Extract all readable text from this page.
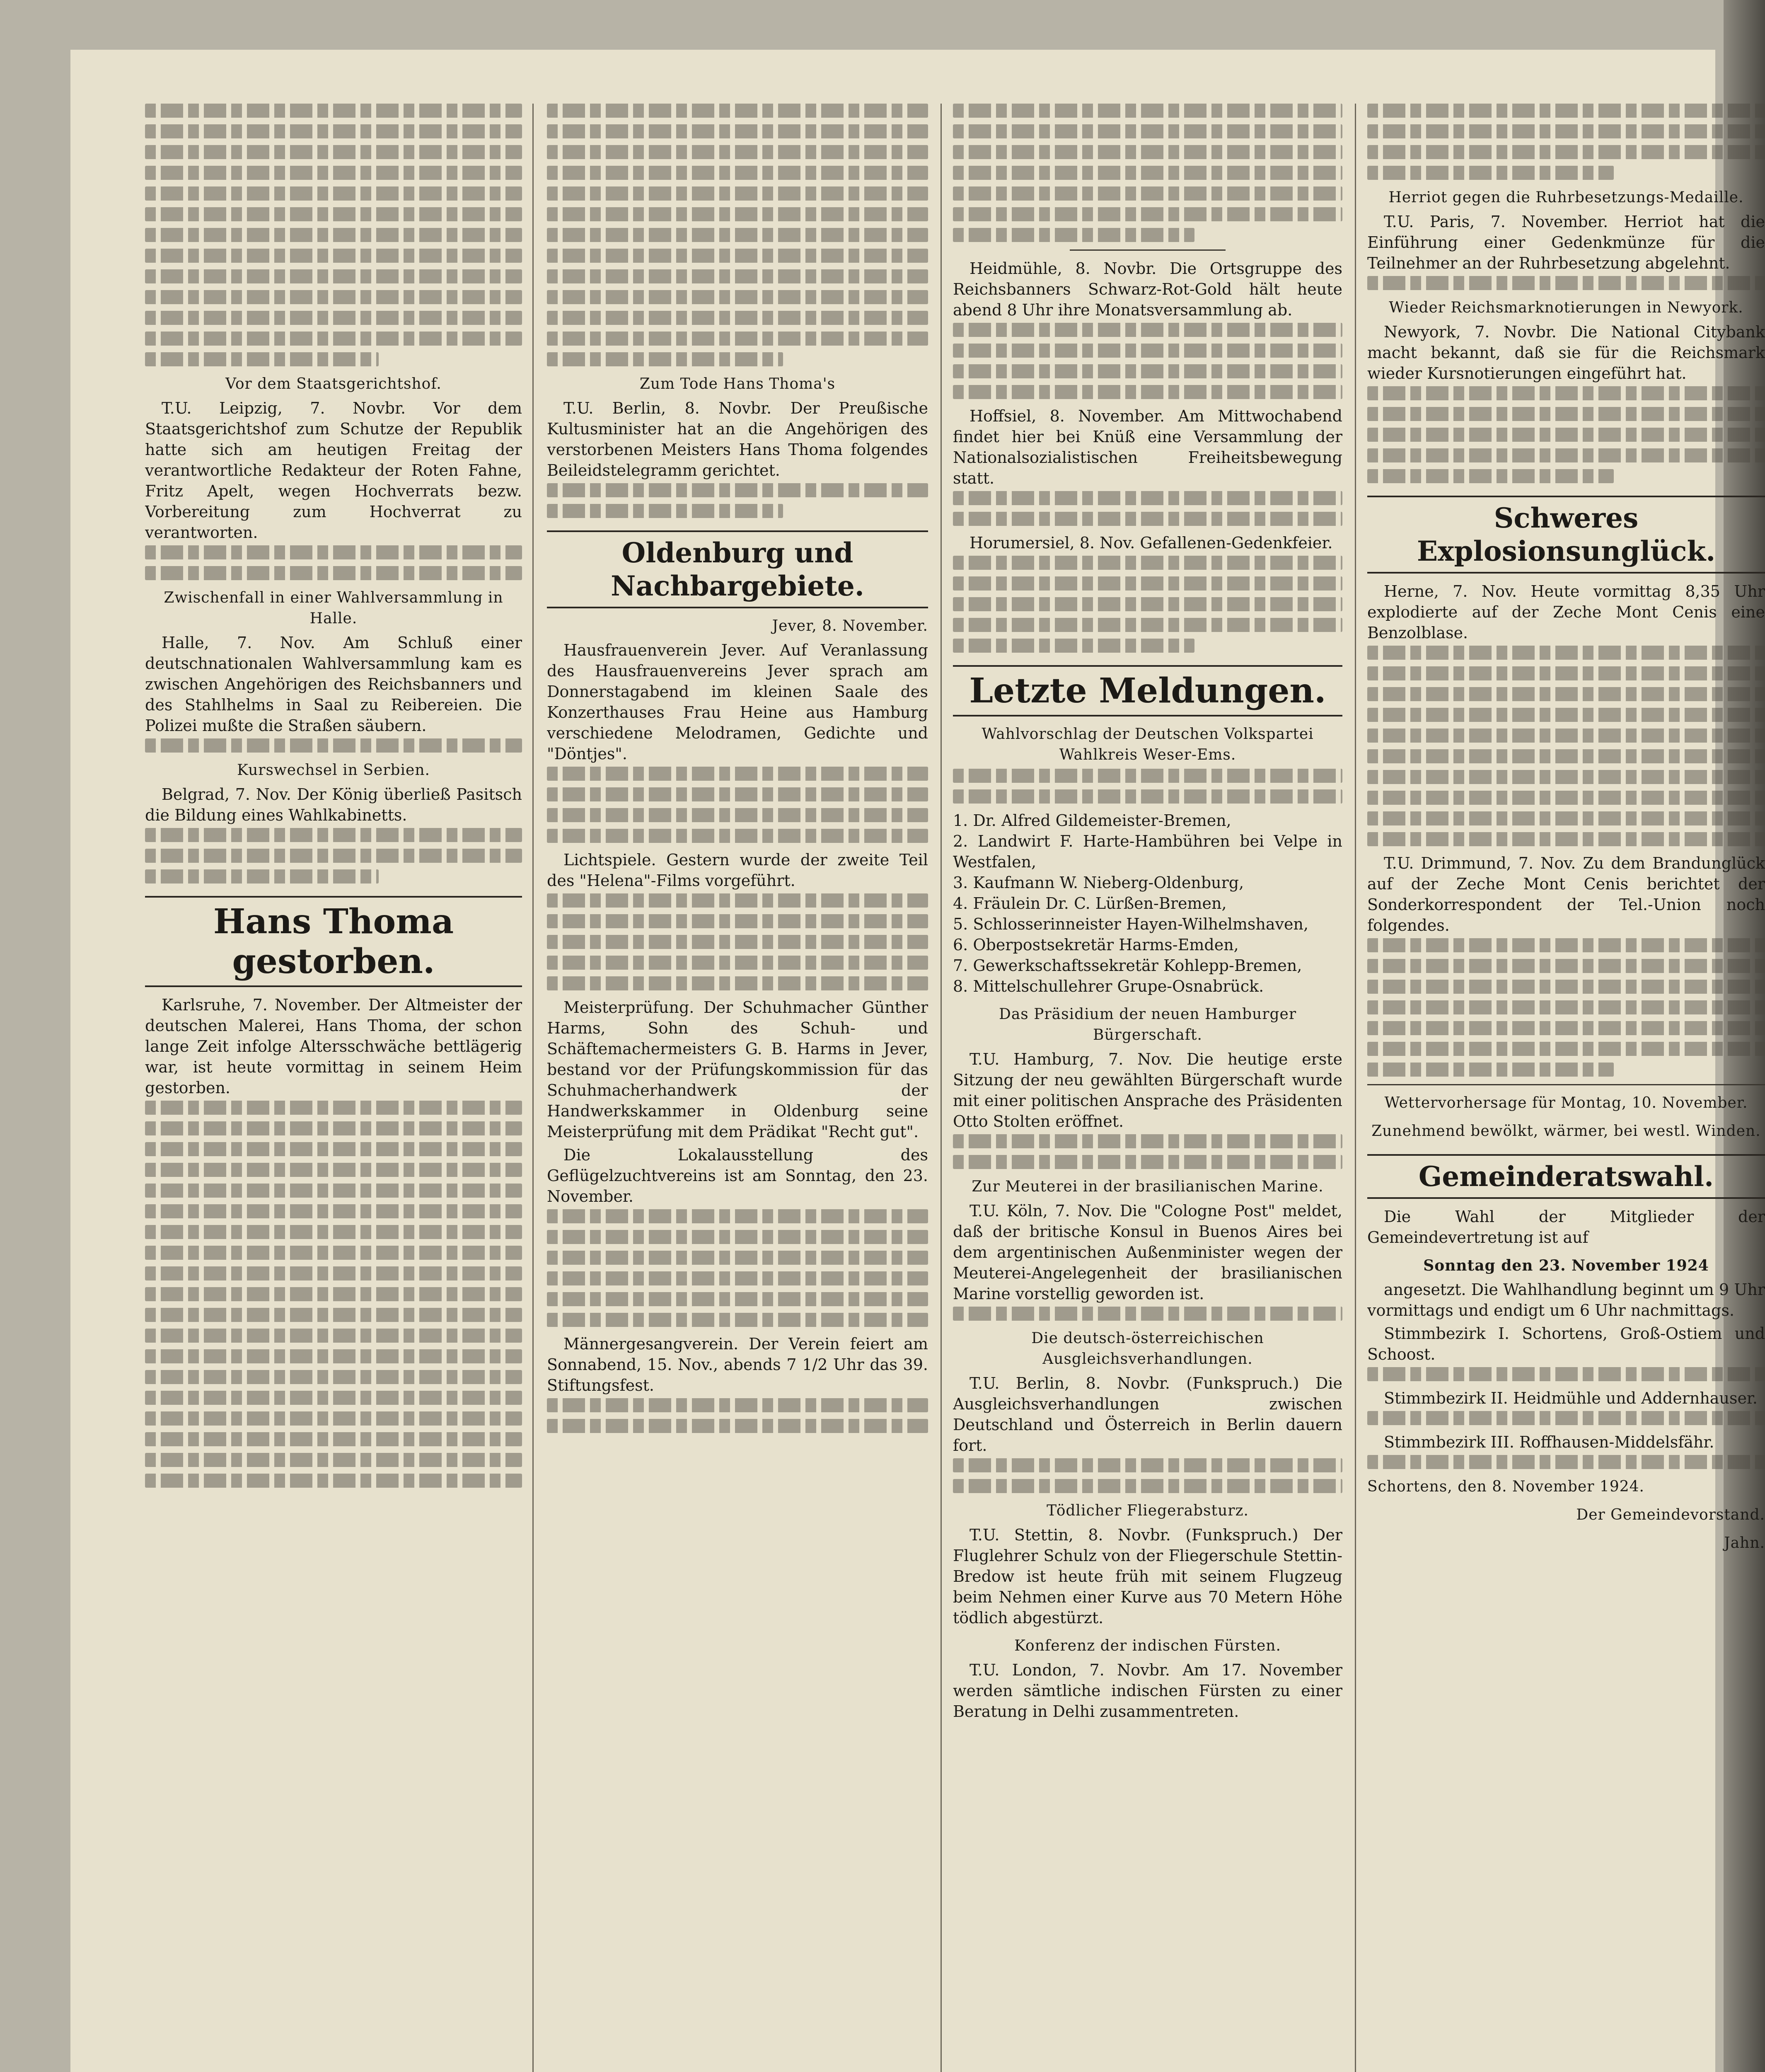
Vor dem Staatsgerichtshof.

T.U. Leipzig, 7. Novbr. Vor dem Staatsgerichtshof zum Schutze der Republik hatte sich am heutigen Freitag der verantwortliche Redakteur der Roten Fahne, Fritz Apelt, wegen Hochverrats bezw. Vorbereitung zum Hochverrat zu verantworten.

Zwischenfall in einer Wahlversammlung in Halle.

Halle, 7. Nov. Am Schluß einer deutschnationalen Wahlversammlung kam es zwischen Angehörigen des Reichsbanners und des Stahlhelms in Saal zu Reibereien. Die Polizei mußte die Straßen säubern.

Kurswechsel in Serbien.

Belgrad, 7. Nov. Der König überließ Pasitsch die Bildung eines Wahlkabinetts.

Hans Thoma gestorben.

Karlsruhe, 7. November. Der Altmeister der deutschen Malerei, Hans Thoma, der schon lange Zeit infolge Altersschwäche bettlägerig war, ist heute vormittag in seinem Heim gestorben.

Zum Tode Hans Thoma's

T.U. Berlin, 8. Novbr. Der Preußische Kultusminister hat an die Angehörigen des verstorbenen Meisters Hans Thoma folgendes Beileidstelegramm gerichtet.

Oldenburg und Nachbargebiete.
Jever, 8. November.

Hausfrauenverein Jever. Auf Veranlassung des Hausfrauenvereins Jever sprach am Donnerstagabend im kleinen Saale des Konzerthauses Frau Heine aus Hamburg verschiedene Melodramen, Gedichte und "Döntjes".

Lichtspiele. Gestern wurde der zweite Teil des "Helena"-Films vorgeführt.

Meisterprüfung. Der Schuhmacher Günther Harms, Sohn des Schuh- und Schäftemachermeisters G. B. Harms in Jever, bestand vor der Prüfungskommission für das Schuhmacherhandwerk der Handwerkskammer in Oldenburg seine Meisterprüfung mit dem Prädikat "Recht gut".

Die Lokalausstellung des Geflügelzuchtvereins ist am Sonntag, den 23. November.

Männergesangverein. Der Verein feiert am Sonnabend, 15. Nov., abends 7 1/2 Uhr das 39. Stiftungsfest.

Heidmühle, 8. Novbr. Die Ortsgruppe des Reichsbanners Schwarz-Rot-Gold hält heute abend 8 Uhr ihre Monatsversammlung ab.

Hoffsiel, 8. November. Am Mittwochabend findet hier bei Knüß eine Versammlung der Nationalsozialistischen Freiheitsbewegung statt.

Horumersiel, 8. Nov. Gefallenen-Gedenkfeier.

Letzte Meldungen.
Wahlvorschlag der Deutschen Volkspartei Wahlkreis Weser-Ems.
1. Dr. Alfred Gildemeister-Bremen,
2. Landwirt F. Harte-Hambühren bei Velpe in Westfalen,
3. Kaufmann W. Nieberg-Oldenburg,
4. Fräulein Dr. C. Lürßen-Bremen,
5. Schlosserinneister Hayen-Wilhelmshaven,
6. Oberpostsekretär Harms-Emden,
7. Gewerkschaftssekretär Kohlepp-Bremen,
8. Mittelschullehrer Grupe-Osnabrück.
Das Präsidium der neuen Hamburger Bürgerschaft.

T.U. Hamburg, 7. Nov. Die heutige erste Sitzung der neu gewählten Bürgerschaft wurde mit einer politischen Ansprache des Präsidenten Otto Stolten eröffnet.

Zur Meuterei in der brasilianischen Marine.

T.U. Köln, 7. Nov. Die "Cologne Post" meldet, daß der britische Konsul in Buenos Aires bei dem argentinischen Außenminister wegen der Meuterei-Angelegenheit der brasilianischen Marine vorstellig geworden ist.

Die deutsch-österreichischen Ausgleichsverhandlungen.

T.U. Berlin, 8. Novbr. (Funkspruch.) Die Ausgleichsverhandlungen zwischen Deutschland und Österreich in Berlin dauern fort.

Tödlicher Fliegerabsturz.

T.U. Stettin, 8. Novbr. (Funkspruch.) Der Fluglehrer Schulz von der Fliegerschule Stettin-Bredow ist heute früh mit seinem Flugzeug beim Nehmen einer Kurve aus 70 Metern Höhe tödlich abgestürzt.

Konferenz der indischen Fürsten.

T.U. London, 7. Novbr. Am 17. November werden sämtliche indischen Fürsten zu einer Beratung in Delhi zusammentreten.

Herriot gegen die Ruhrbesetzungs-Medaille.

T.U. Paris, 7. November. Herriot hat die Einführung einer Gedenkmünze für die Teilnehmer an der Ruhrbesetzung abgelehnt.

Wieder Reichsmarknotierungen in Newyork.

Newyork, 7. Novbr. Die National Citybank macht bekannt, daß sie für die Reichsmark wieder Kursnotierungen eingeführt hat.

Schweres Explosionsunglück.

Herne, 7. Nov. Heute vormittag 8,35 Uhr explodierte auf der Zeche Mont Cenis eine Benzolblase.

T.U. Drimmund, 7. Nov. Zu dem Brandunglück auf der Zeche Mont Cenis berichtet der Sonderkorrespondent der Tel.-Union noch folgendes.

Wettervorhersage für Montag, 10. November.
Zunehmend bewölkt, wärmer, bei westl. Winden.
Gemeinderatswahl.

Die Wahl der Mitglieder der Gemeindevertretung ist auf

Sonntag den 23. November 1924

angesetzt. Die Wahlhandlung beginnt um 9 Uhr vormittags und endigt um 6 Uhr nachmittags.

Stimmbezirk I. Schortens, Groß-Ostiem und Schoost.

Stimmbezirk II. Heidmühle und Addernhauser.

Stimmbezirk III. Roffhausen-Middelsfähr.

Schortens, den 8. November 1924.
Der Gemeindevorstand.
Jahn.
